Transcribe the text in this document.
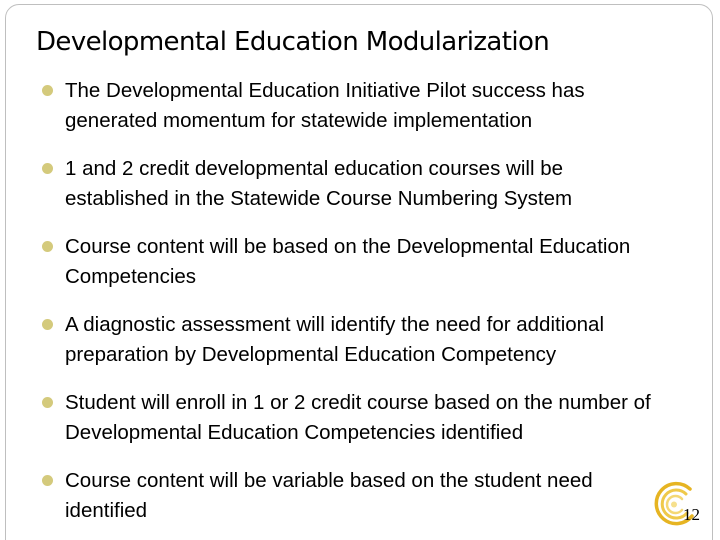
Developmental Education Modularization
The Developmental Education Initiative Pilot success has generated momentum for statewide implementation
1 and 2 credit developmental education courses will be established in the Statewide Course Numbering System
Course content will be based on the Developmental Education Competencies
A diagnostic assessment will identify the need for additional preparation by Developmental Education Competency
Student will enroll in 1 or 2 credit course based on the number of Developmental Education Competencies identified
Course content will be variable based on the student need identified	12
